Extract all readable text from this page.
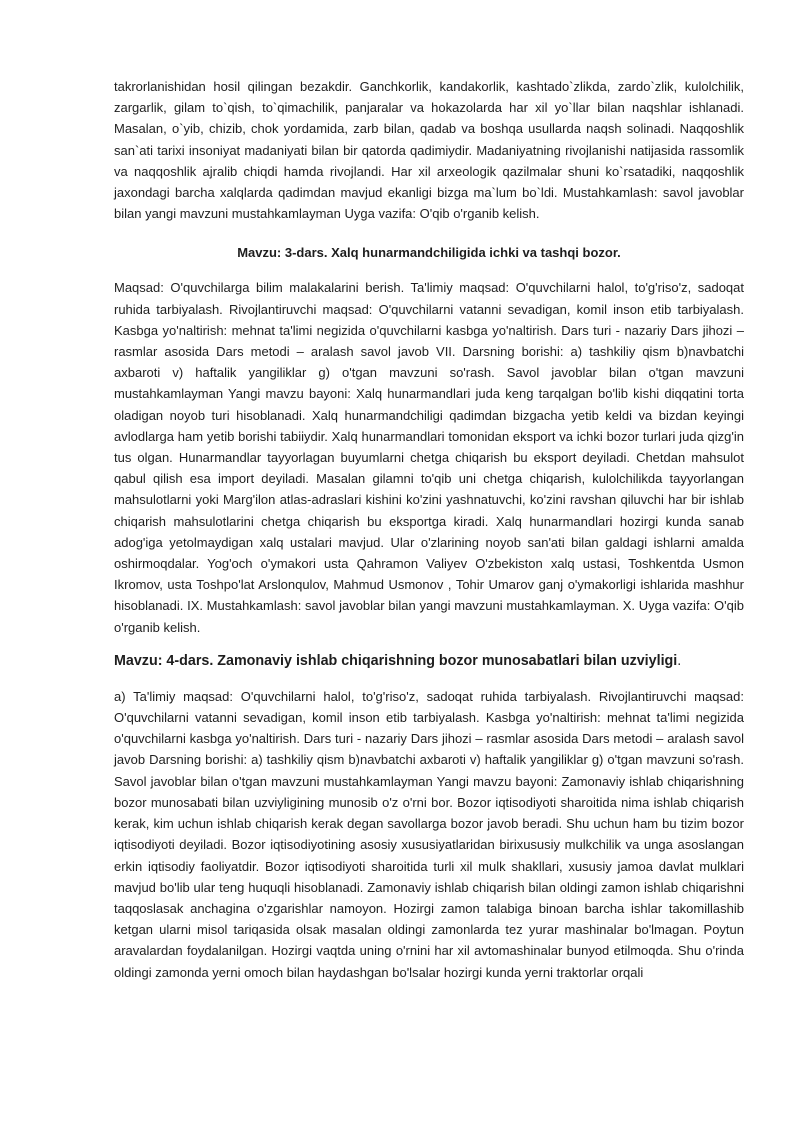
takrorlanishidan hosil qilingan bezakdir. Ganchkorlik, kandakorlik, kashtado`zlikda, zardo`zlik, kulolchilik, zargarlik, gilam to`qish, to`qimachilik, panjaralar va hokazolarda har xil yo`llar bilan naqshlar ishlanadi. Masalan, o`yib, chizib, chok yordamida, zarb bilan, qadab va boshqa usullarda naqsh solinadi. Naqqoshlik san`ati tarixi insoniyat madaniyati bilan bir qatorda qadimiydir. Madaniyatning rivojlanishi natijasida rassomlik va naqqoshlik ajralib chiqdi hamda rivojlandi. Har xil arxeologik qazilmalar shuni ko`rsatadiki, naqqoshlik jaxondagi barcha xalqlarda qadimdan mavjud ekanligi bizga ma`lum bo`ldi. Mustahkamlash: savol javoblar bilan yangi mavzuni mustahkamlayman Uyga vazifa: O'qib o'rganib kelish.

Mavzu: 3-dars. Xalq hunarmandchiligida ichki va tashqi bozor.

Maqsad: O'quvchilarga bilim malakalarini berish. Ta'limiy maqsad: O'quvchilarni halol, to'g'riso'z, sadoqat ruhida tarbiyalash. Rivojlantiruvchi maqsad: O'quvchilarni vatanni sevadigan, komil inson etib tarbiyalash. Kasbga yo'naltirish: mehnat ta'limi negizida o'quvchilarni kasbga yo'naltirish. Dars turi - nazariy Dars jihozi – rasmlar asosida Dars metodi – aralash savol javob VII. Darsning borishi: a) tashkiliy qism b)navbatchi axbaroti v) haftalik yangiliklar g) o'tgan mavzuni so'rash. Savol javoblar bilan o'tgan mavzuni mustahkamlayman Yangi mavzu bayoni: Xalq hunarmandlari juda keng tarqalgan bo'lib kishi diqqatini torta oladigan noyob turi hisoblanadi. Xalq hunarmandchiligi qadimdan bizgacha yetib keldi va bizdan keyingi avlodlarga ham yetib borishi tabiiydir. Xalq hunarmandlari tomonidan eksport va ichki bozor turlari juda qizg'in tus olgan. Hunarmandlar tayyorlagan buyumlarni chetga chiqarish bu eksport deyiladi. Chetdan mahsulot qabul qilish esa import deyiladi. Masalan gilamni to'qib uni chetga chiqarish, kulolchilikda tayyorlangan mahsulotlarni yoki Marg'ilon atlas-adraslari kishini ko'zini yashnatuvchi, ko'zini ravshan qiluvchi har bir ishlab chiqarish mahsulotlarini chetga chiqarish bu eksportga kiradi. Xalq hunarmandlari hozirgi kunda sanab adog'iga yetolmaydigan xalq ustalari mavjud. Ular o'zlarining noyob san'ati bilan galdagi ishlarni amalda oshirmoqdalar. Yog'och o'ymakori usta Qahramon Valiyev O'zbekiston xalq ustasi, Toshkentda Usmon Ikromov, usta Toshpo'lat Arslonqulov, Mahmud Usmonov , Tohir Umarov ganj o'ymakorligi ishlarida mashhur hisoblanadi. IX. Mustahkamlash: savol javoblar bilan yangi mavzuni mustahkamlayman. X. Uyga vazifa: O'qib o'rganib kelish.

Mavzu: 4-dars. Zamonaviy ishlab chiqarishning bozor munosabatlari bilan uzviyligi.

a) Ta'limiy maqsad: O'quvchilarni halol, to'g'riso'z, sadoqat ruhida tarbiyalash. Rivojlantiruvchi maqsad: O'quvchilarni vatanni sevadigan, komil inson etib tarbiyalash. Kasbga yo'naltirish: mehnat ta'limi negizida o'quvchilarni kasbga yo'naltirish. Dars turi - nazariy Dars jihozi – rasmlar asosida Dars metodi – aralash savol javob Darsning borishi: a) tashkiliy qism b)navbatchi axbaroti v) haftalik yangiliklar g) o'tgan mavzuni so'rash. Savol javoblar bilan o'tgan mavzuni mustahkamlayman Yangi mavzu bayoni: Zamonaviy ishlab chiqarishning bozor munosabati bilan uzviyligining munosib o'z o'rni bor. Bozor iqtisodiyoti sharoitida nima ishlab chiqarish kerak, kim uchun ishlab chiqarish kerak degan savollarga bozor javob beradi. Shu uchun ham bu tizim bozor iqtisodiyoti deyiladi. Bozor iqtisodiyotining asosiy xususiyatlaridan birixususiy mulkchilik va unga asoslangan erkin iqtisodiy faoliyatdir. Bozor iqtisodiyoti sharoitida turli xil mulk shakllari, xususiy jamoa davlat mulklari mavjud bo'lib ular teng huquqli hisoblanadi. Zamonaviy ishlab chiqarish bilan oldingi zamon ishlab chiqarishni taqqoslasak anchagina o'zgarishlar namoyon. Hozirgi zamon talabiga binoan barcha ishlar takomillashib ketgan ularni misol tariqasida olsak masalan oldingi zamonlarda tez yurar mashinalar bo'lmagan. Poytun aravalardan foydalanilgan. Hozirgi vaqtda uning o'rnini har xil avtomashinalar bunyod etilmoqda. Shu o'rinda oldingi zamonda yerni omoch bilan haydashgan bo'lsalar hozirgi kunda yerni traktorlar orqali
